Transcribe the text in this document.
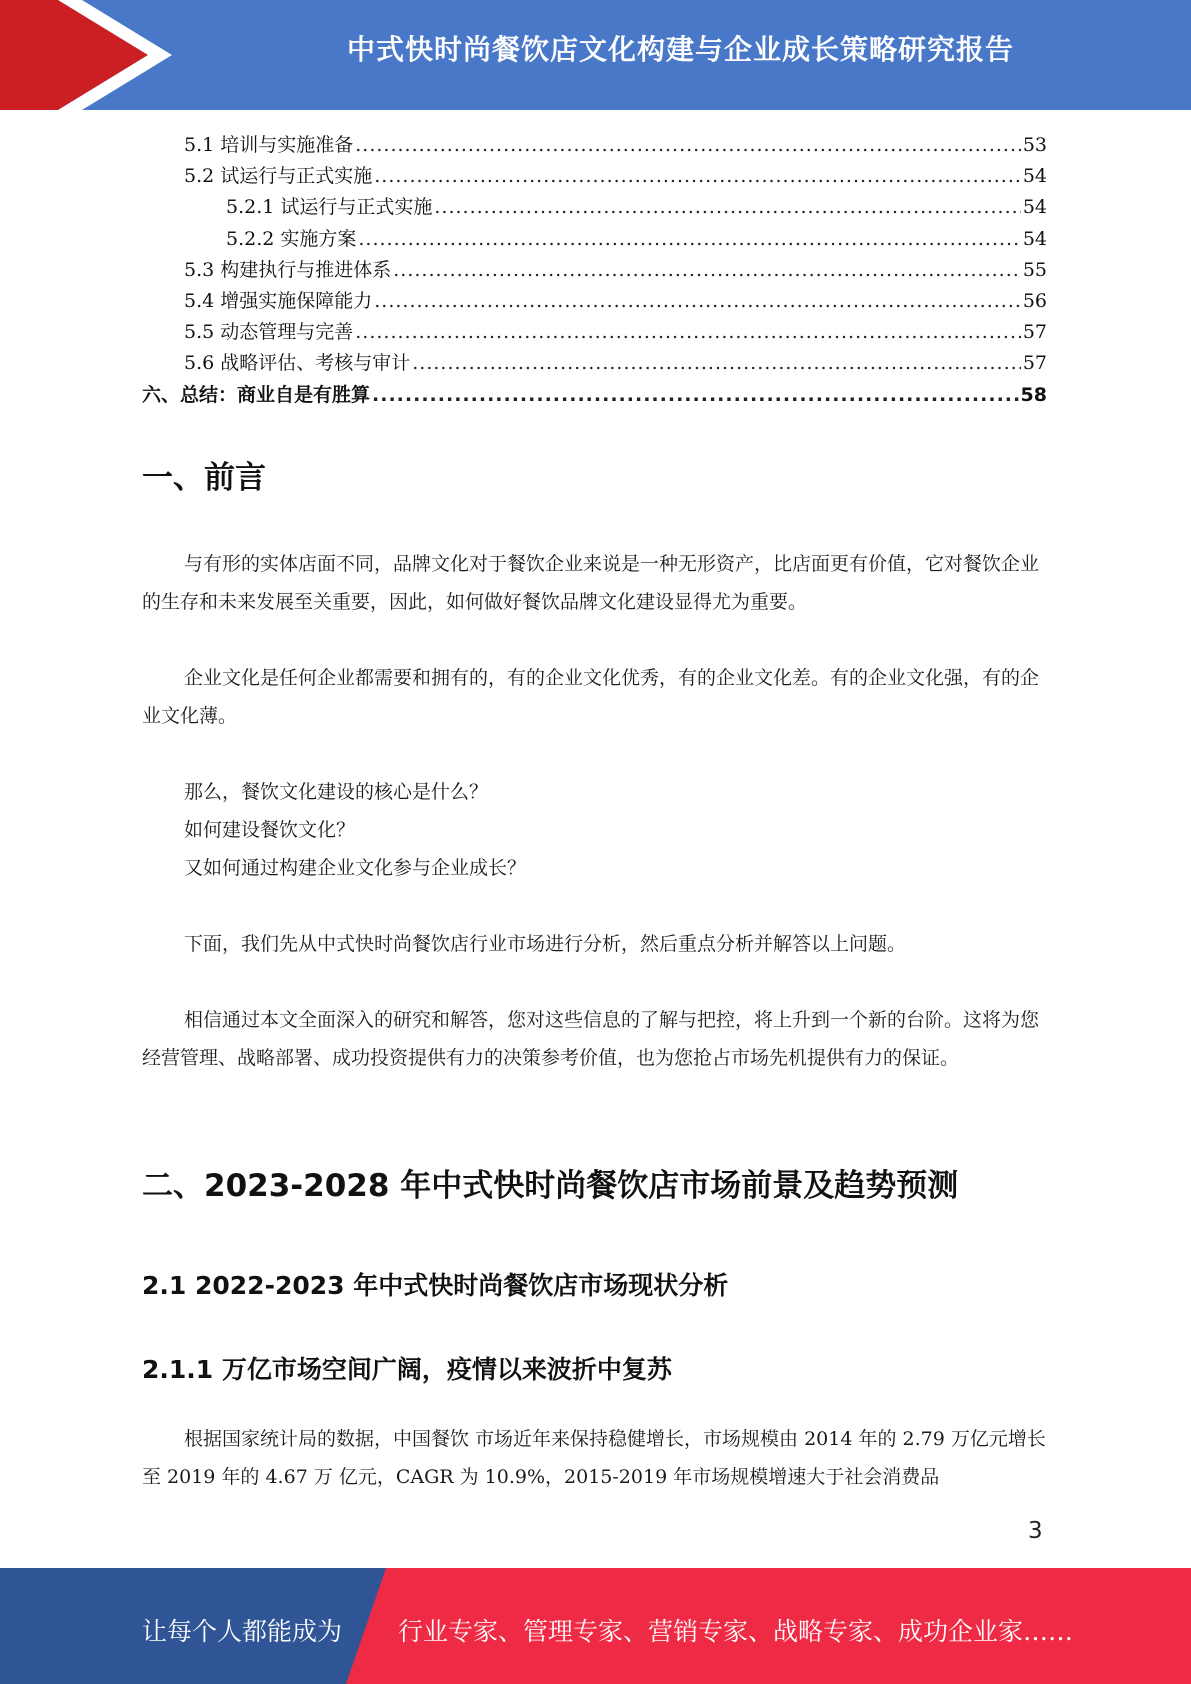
中式快时尚餐饮店文化构建与企业成长策略研究报告
5.1 培训与实施准备 .....	53
5.2 试运行与正式实施 .....	54
5.2.1 试运行与正式实施 .....	54
5.2.2 实施方案 .....	54
5.3 构建执行与推进体系 .....	55
5.4 增强实施保障能力 .....	56
5.5 动态管理与完善 .....	57
5.6 战略评估、考核与审计 .....	57
六、总结：商业自是有胜算 .....	58
一、前言

与有形的实体店面不同，品牌文化对于餐饮企业来说是一种无形资产，比店面更有价值，它对餐饮企业的生存和未来发展至关重要，因此，如何做好餐饮品牌文化建设显得尤为重要。

企业文化是任何企业都需要和拥有的，有的企业文化优秀，有的企业文化差。有的企业文化强，有的企业文化薄。

那么，餐饮文化建设的核心是什么？

如何建设餐饮文化？

又如何通过构建企业文化参与企业成长？

下面，我们先从中式快时尚餐饮店行业市场进行分析，然后重点分析并解答以上问题。

相信通过本文全面深入的研究和解答，您对这些信息的了解与把控，将上升到一个新的台阶。这将为您经营管理、战略部署、成功投资提供有力的决策参考价值，也为您抢占市场先机提供有力的保证。

二、2023-2028 年中式快时尚餐饮店市场前景及趋势预测
2.1 2022-2023 年中式快时尚餐饮店市场现状分析
2.1.1 万亿市场空间广阔，疫情以来波折中复苏

根据国家统计局的数据，中国餐饮 市场近年来保持稳健增长，市场规模由 2014 年的 2.79 万亿元增长至 2019 年的 4.67 万 亿元，CAGR 为 10.9%，2015-2019 年市场规模增速大于社会消费品

3
让每个人都能成为 行业专家、管理专家、营销专家、战略专家、成功企业家……
